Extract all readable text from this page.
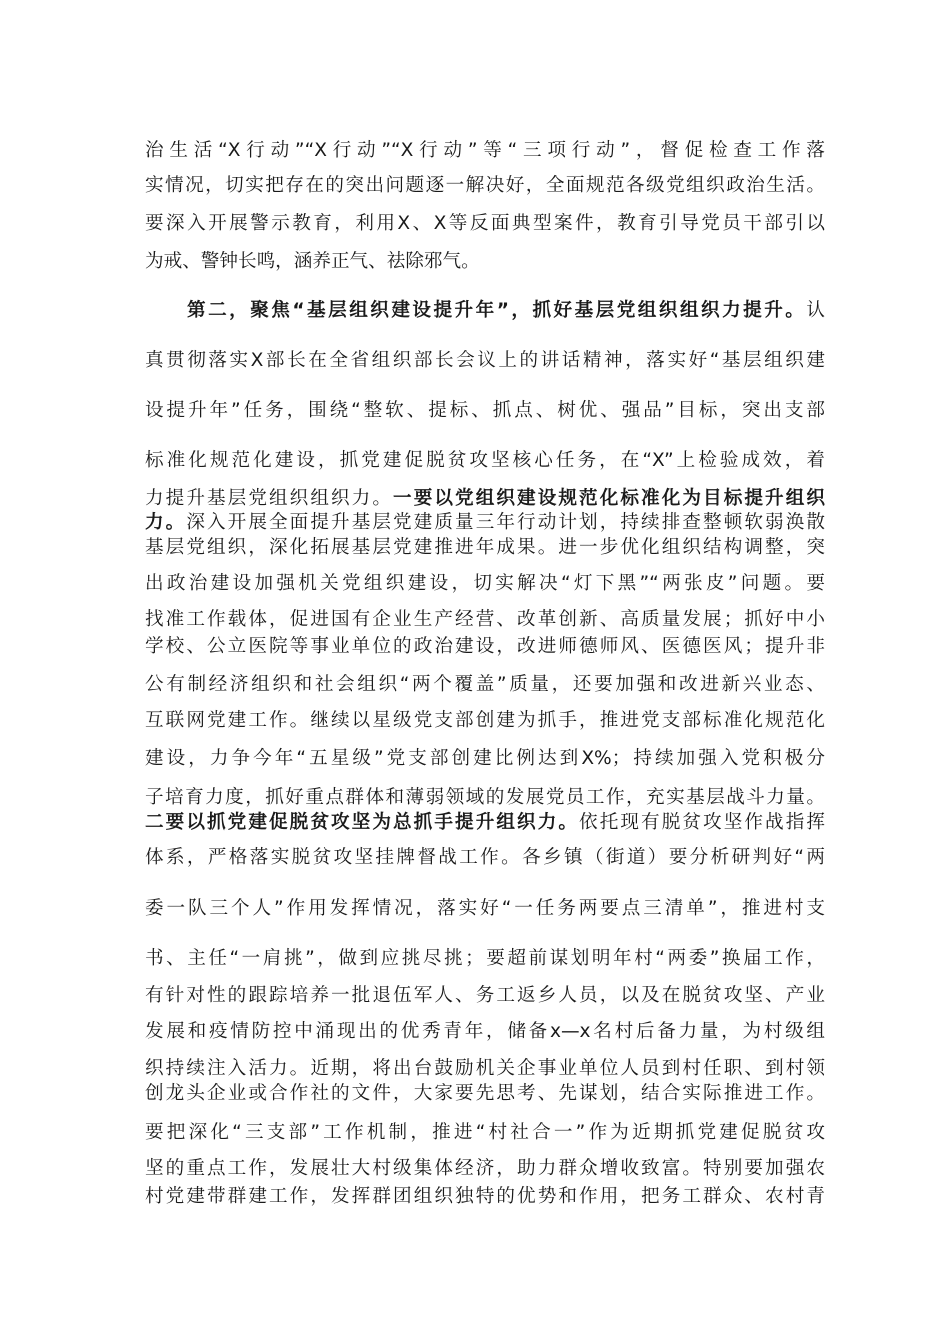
治生活“X行动”“X行动”“X行动”等“三项行动”，督促检查工作落

实情况，切实把存在的突出问题逐一解决好，全面规范各级党组织政治生活。

要深入开展警示教育，利用X、X等反面典型案件，教育引导党员干部引以

为戒、警钟长鸣，涵养正气、祛除邪气。

第二，聚焦“基层组织建设提升年”，抓好基层党组织组织力提升。认

真贯彻落实X部长在全省组织部长会议上的讲话精神，落实好“基层组织建

设提升年”任务，围绕“整软、提标、抓点、树优、强品”目标，突出支部

标准化规范化建设，抓党建促脱贫攻坚核心任务，在“X”上检验成效，着

力提升基层党组织组织力。一要以党组织建设规范化标准化为目标提升组织

力。深入开展全面提升基层党建质量三年行动计划，持续排查整顿软弱涣散

基层党组织，深化拓展基层党建推进年成果。进一步优化组织结构调整，突

出政治建设加强机关党组织建设，切实解决“灯下黑”“两张皮”问题。要

找准工作载体，促进国有企业生产经营、改革创新、高质量发展；抓好中小

学校、公立医院等事业单位的政治建设，改进师德师风、医德医风；提升非

公有制经济组织和社会组织“两个覆盖”质量，还要加强和改进新兴业态、

互联网党建工作。继续以星级党支部创建为抓手，推进党支部标准化规范化

建设，力争今年“五星级”党支部创建比例达到X%；持续加强入党积极分

子培育力度，抓好重点群体和薄弱领域的发展党员工作，充实基层战斗力量。

二要以抓党建促脱贫攻坚为总抓手提升组织力。依托现有脱贫攻坚作战指挥

体系，严格落实脱贫攻坚挂牌督战工作。各乡镇（街道）要分析研判好“两

委一队三个人”作用发挥情况，落实好“一任务两要点三清单”，推进村支

书、主任“一肩挑”，做到应挑尽挑；要超前谋划明年村“两委”换届工作，

有针对性的跟踪培养一批退伍军人、务工返乡人员，以及在脱贫攻坚、产业

发展和疫情防控中涌现出的优秀青年，储备x—x名村后备力量，为村级组

织持续注入活力。近期，将出台鼓励机关企事业单位人员到村任职、到村领

创龙头企业或合作社的文件，大家要先思考、先谋划，结合实际推进工作。

要把深化“三支部”工作机制，推进“村社合一”作为近期抓党建促脱贫攻

坚的重点工作，发展壮大村级集体经济，助力群众增收致富。特别要加强农

村党建带群建工作，发挥群团组织独特的优势和作用，把务工群众、农村青
